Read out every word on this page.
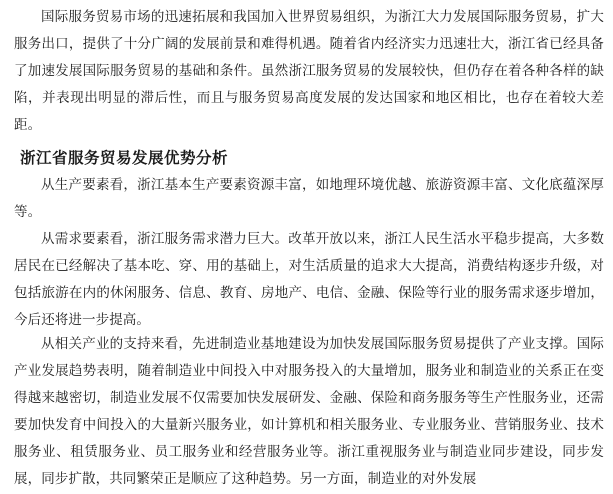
国际服务贸易市场的迅速拓展和我国加入世界贸易组织，为浙江大力发展国际服务贸易，扩大服务出口，提供了十分广阔的发展前景和难得机遇。随着省内经济实力迅速壮大，浙江省已经具备了加速发展国际服务贸易的基础和条件。虽然浙江服务贸易的发展较快，但仍存在着各种各样的缺陷，并表现出明显的滞后性，而且与服务贸易高度发展的发达国家和地区相比，也存在着较大差距。

浙江省服务贸易发展优势分析

从生产要素看，浙江基本生产要素资源丰富，如地理环境优越、旅游资源丰富、文化底蕴深厚等。

从需求要素看，浙江服务需求潜力巨大。改革开放以来，浙江人民生活水平稳步提高，大多数居民在已经解决了基本吃、穿、用的基础上，对生活质量的追求大大提高，消费结构逐步升级，对包括旅游在内的休闲服务、信息、教育、房地产、电信、金融、保险等行业的服务需求逐步增加，今后还将进一步提高。

从相关产业的支持来看，先进制造业基地建设为加快发展国际服务贸易提供了产业支撑。国际产业发展趋势表明，随着制造业中间投入中对服务投入的大量增加，服务业和制造业的关系正在变得越来越密切，制造业发展不仅需要加快发展研发、金融、保险和商务服务等生产性服务业，还需要加快发育中间投入的大量新兴服务业，如计算机和相关服务业、专业服务业、营销服务业、技术服务业、租赁服务业、员工服务业和经营服务业等。浙江重视服务业与制造业同步建设，同步发展，同步扩散，共同繁荣正是顺应了这种趋势。另一方面，制造业的对外发展
